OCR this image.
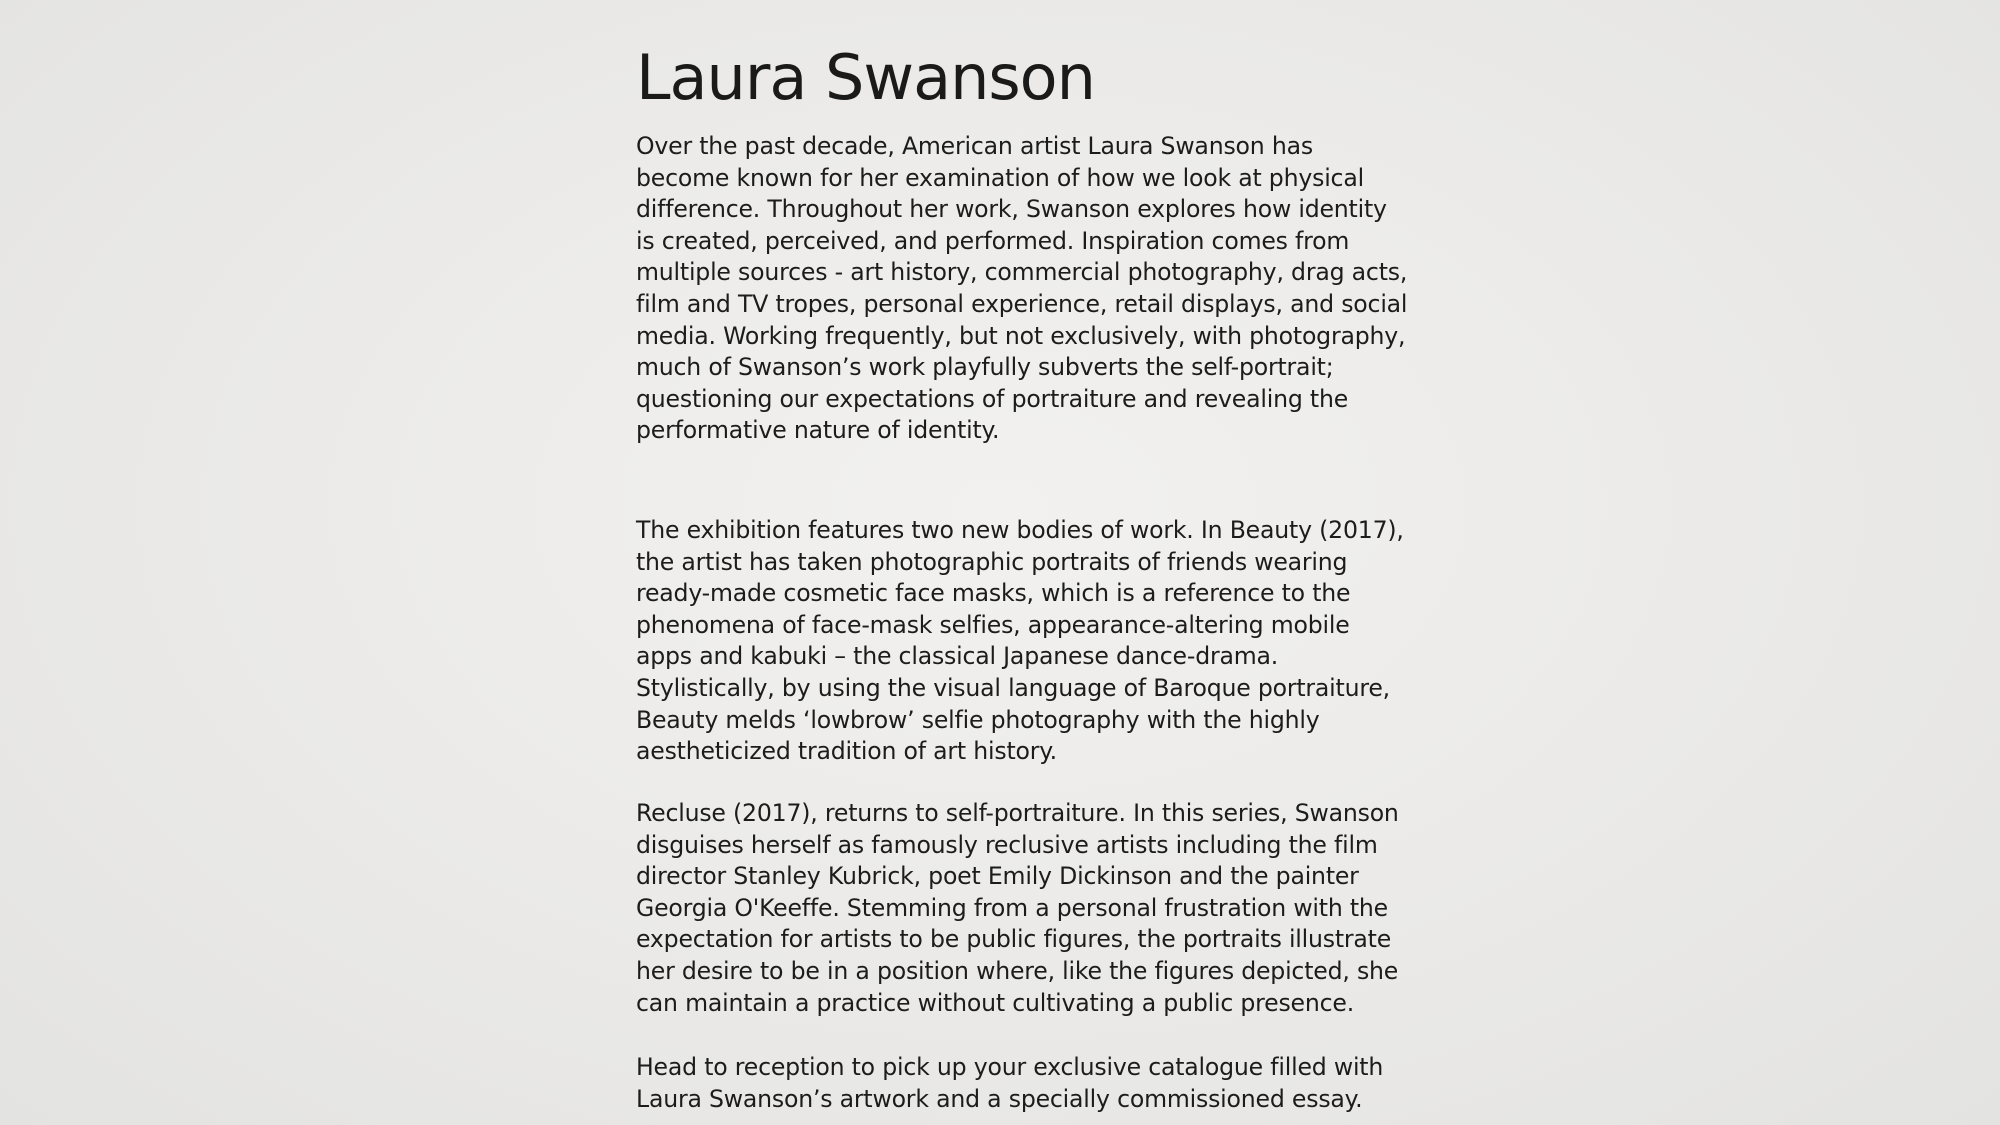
Laura Swanson

Over the past decade, American artist Laura Swanson has
become known for her examination of how we look at physical
difference. Throughout her work, Swanson explores how identity
is created, perceived, and performed. Inspiration comes from
multiple sources - art history, commercial photography, drag acts,
film and TV tropes, personal experience, retail displays, and social
media. Working frequently, but not exclusively, with photography,
much of Swanson’s work playfully subverts the self-portrait;
questioning our expectations of portraiture and revealing the
performative nature of identity.

The exhibition features two new bodies of work. In Beauty (2017),
the artist has taken photographic portraits of friends wearing
ready-made cosmetic face masks, which is a reference to the
phenomena of face-mask selfies, appearance-altering mobile
apps and kabuki – the classical Japanese dance-drama.
Stylistically, by using the visual language of Baroque portraiture,
Beauty melds ‘lowbrow’ selfie photography with the highly
aestheticized tradition of art history.

Recluse (2017), returns to self-portraiture. In this series, Swanson
disguises herself as famously reclusive artists including the film
director Stanley Kubrick, poet Emily Dickinson and the painter
Georgia O'Keeffe. Stemming from a personal frustration with the
expectation for artists to be public figures, the portraits illustrate
her desire to be in a position where, like the figures depicted, she
can maintain a practice without cultivating a public presence.

Head to reception to pick up your exclusive catalogue filled with
Laura Swanson’s artwork and a specially commissioned essay.
